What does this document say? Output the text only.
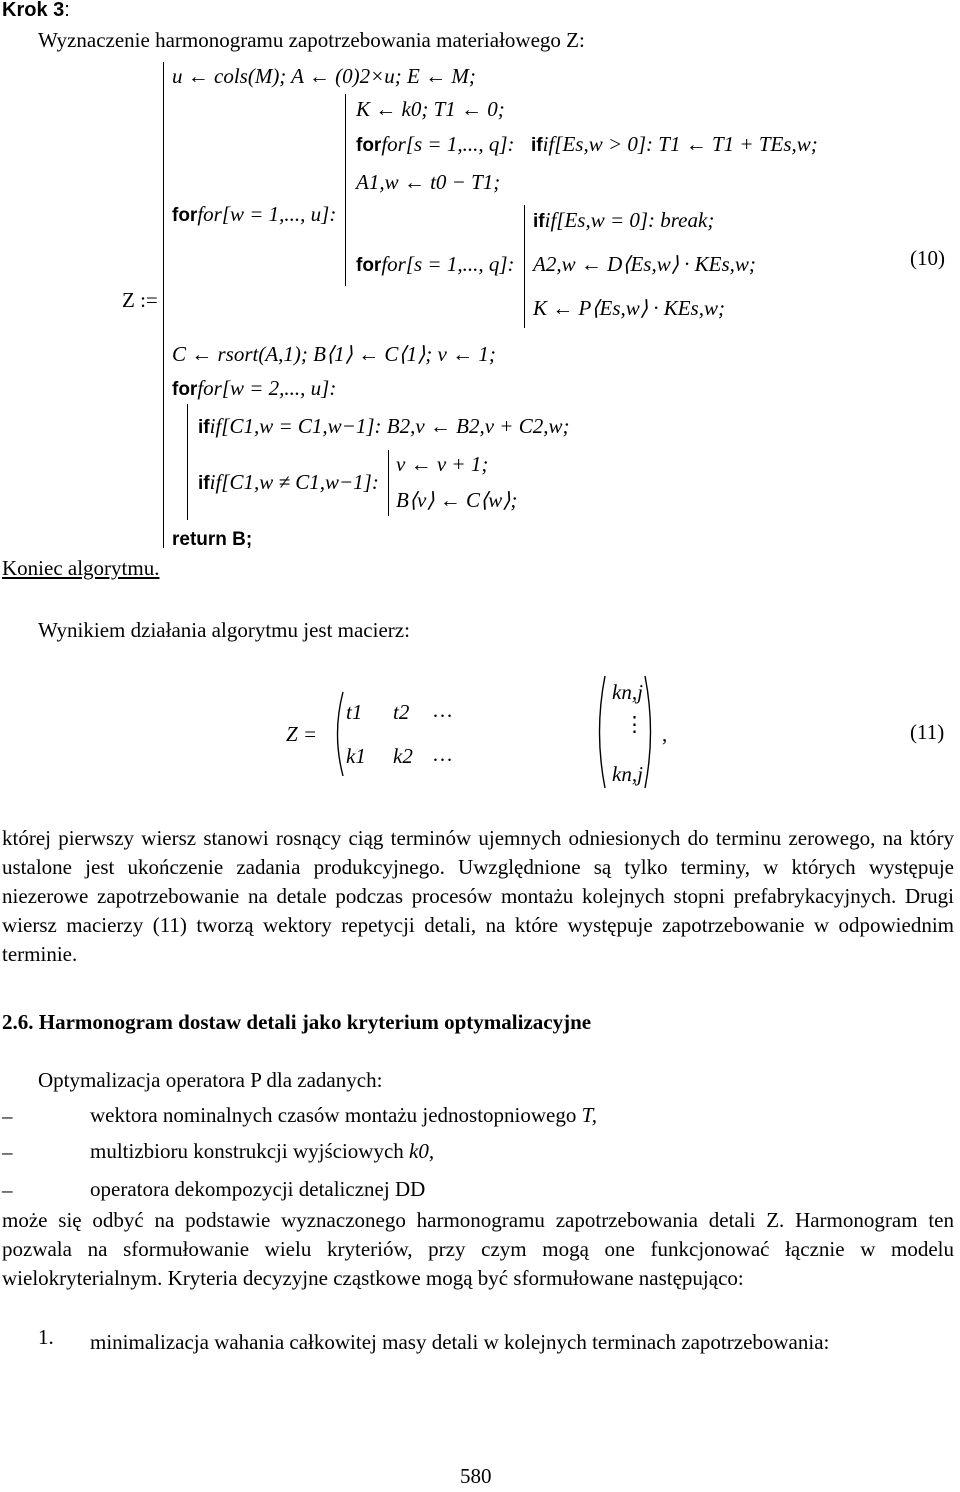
Krok 3:
Wyznaczenie harmonogramu zapotrzebowania materiałowego Z:
Z :=
u ← cols(M); A ← (0)2×u; E ← M;
forfor[w = 1,..., u]:
K ← k0; T1 ← 0;
forfor[s = 1,..., q]: ifif[Es,w > 0]: T1 ← T1 + TEs,w;
A1,w ← t0 − T1;
ifif[Es,w = 0]: break;
forfor[s = 1,..., q]: A2,w ← D⟨Es,w⟩ · KEs,w;
K ← P⟨Es,w⟩ · KEs,w;
(10)
C ← rsort(A,1); B⟨1⟩ ← C⟨1⟩; v ← 1;
forfor[w = 2,..., u]:
ifif[C1,w = C1,w−1]: B2,v ← B2,v + C2,w;
ifif[C1,w ≠ C1,w−1]:
v ← v + 1;
B⟨v⟩ ← C⟨w⟩;
return B;
Koniec algorytmu.
Wynikiem działania algorytmu jest macierz:
Z =
t1 t2 …
k1 k2 …
kn,j
⋮
kn,j
,	(11)
której pierwszy wiersz stanowi rosnący ciąg terminów ujemnych odniesionych do terminu zerowego, na który ustalone jest ukończenie zadania produkcyjnego. Uwzględnione są tylko terminy, w których występuje niezerowe zapotrzebowanie na detale podczas procesów montażu kolejnych stopni prefabrykacyjnych. Drugi wiersz macierzy (11) tworzą wektory repetycji detali, na które występuje zapotrzebowanie w odpowiednim terminie.
2.6. Harmonogram dostaw detali jako kryterium optymalizacyjne
Optymalizacja operatora P dla zadanych:
–	wektora nominalnych czasów montażu jednostopniowego T,
–	multizbioru konstrukcji wyjściowych k0,
–	operatora dekompozycji detalicznej DD
może się odbyć na podstawie wyznaczonego harmonogramu zapotrzebowania detali Z. Harmonogram ten pozwala na sformułowanie wielu kryteriów, przy czym mogą one funkcjonować łącznie w modelu wielokryterialnym. Kryteria decyzyjne cząstkowe mogą być sformułowane następująco:
1. minimalizacja wahania całkowitej masy detali w kolejnych terminach zapotrzebowania:
580
